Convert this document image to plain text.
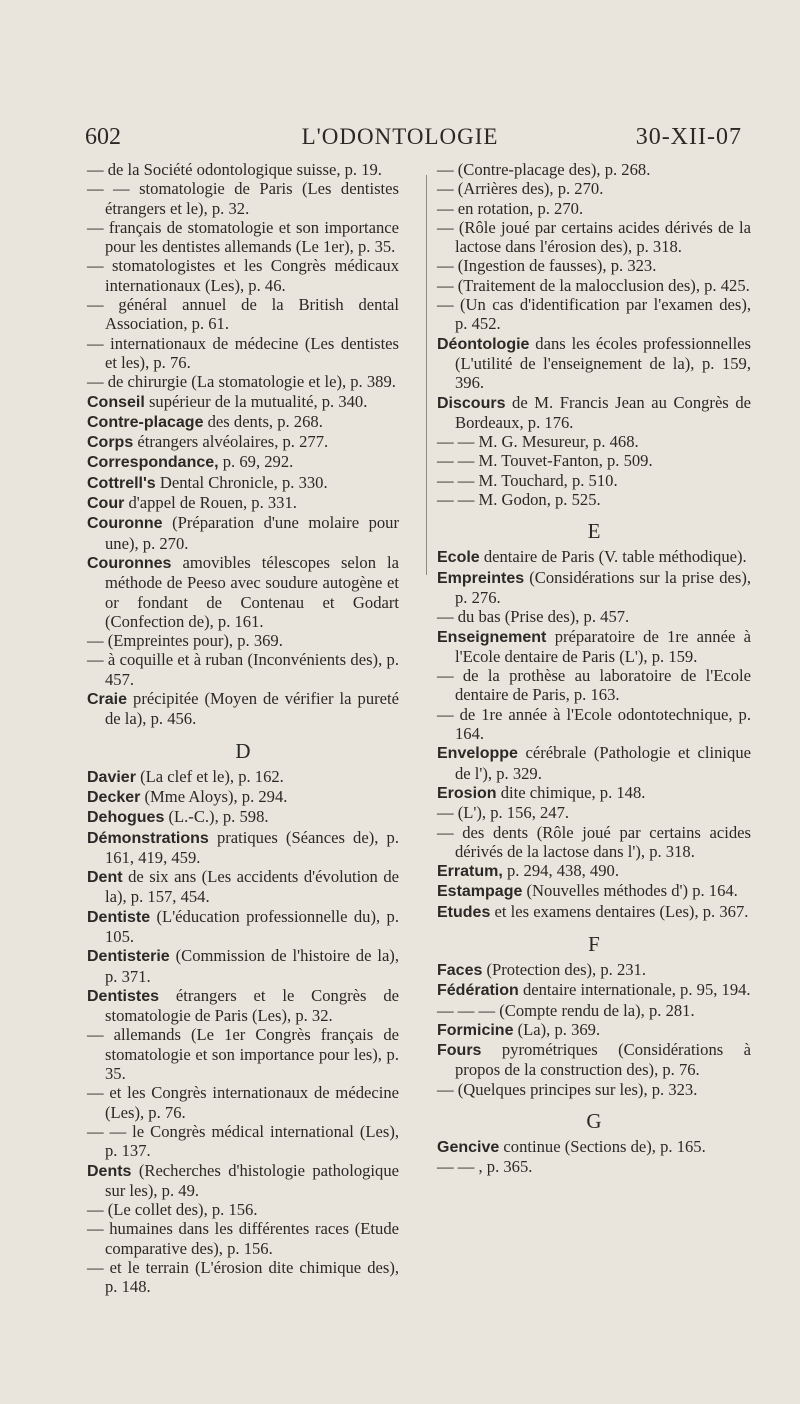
602	L'ODONTOLOGIE	30-XII-07
— de la Société odontologique suisse, p. 19.
— — stomatologie de Paris (Les dentistes étrangers et le), p. 32.
— français de stomatologie et son importance pour les dentistes allemands (Le 1er), p. 35.
— stomatologistes et les Congrès médicaux internationaux (Les), p. 46.
— général annuel de la British dental Association, p. 61.
— internationaux de médecine (Les dentistes et les), p. 76.
— de chirurgie (La stomatologie et le), p. 389.
Conseil supérieur de la mutualité, p. 340.
Contre-placage des dents, p. 268.
Corps étrangers alvéolaires, p. 277.
Correspondance, p. 69, 292.
Cottrell's Dental Chronicle, p. 330.
Cour d'appel de Rouen, p. 331.
Couronne (Préparation d'une molaire pour une), p. 270.
Couronnes amovibles télescopes selon la méthode de Peeso avec soudure autogène et or fondant de Contenau et Godart (Confection de), p. 161.
— (Empreintes pour), p. 369.
— à coquille et à ruban (Inconvénients des), p. 457.
Craie précipitée (Moyen de vérifier la pureté de la), p. 456.
D
Davier (La clef et le), p. 162.
Decker (Mme Aloys), p. 294.
Dehogues (L.-C.), p. 598.
Démonstrations pratiques (Séances de), p. 161, 419, 459.
Dent de six ans (Les accidents d'évolution de la), p. 157, 454.
Dentiste (L'éducation professionnelle du), p. 105.
Dentisterie (Commission de l'histoire de la), p. 371.
Dentistes étrangers et le Congrès de stomatologie de Paris (Les), p. 32.
— allemands (Le 1er Congrès français de stomatologie et son importance pour les), p. 35.
— et les Congrès internationaux de médecine (Les), p. 76.
— — le Congrès médical international (Les), p. 137.
Dents (Recherches d'histologie pathologique sur les), p. 49.
— (Le collet des), p. 156.
— humaines dans les différentes races (Etude comparative des), p. 156.
— et le terrain (L'érosion dite chimique des), p. 148.
— (Contre-placage des), p. 268.
— (Arrières des), p. 270.
— en rotation, p. 270.
— (Rôle joué par certains acides dérivés de la lactose dans l'érosion des), p. 318.
— (Ingestion de fausses), p. 323.
— (Traitement de la malocclusion des), p. 425.
— (Un cas d'identification par l'examen des), p. 452.
Déontologie dans les écoles professionnelles (L'utilité de l'enseignement de la), p. 159, 396.
Discours de M. Francis Jean au Congrès de Bordeaux, p. 176.
— — M. G. Mesureur, p. 468.
— — M. Touvet-Fanton, p. 509.
— — M. Touchard, p. 510.
— — M. Godon, p. 525.
E
Ecole dentaire de Paris (V. table méthodique).
Empreintes (Considérations sur la prise des), p. 276.
— du bas (Prise des), p. 457.
Enseignement préparatoire de 1re année à l'Ecole dentaire de Paris (L'), p. 159.
— de la prothèse au laboratoire de l'Ecole dentaire de Paris, p. 163.
— de 1re année à l'Ecole odontotechnique, p. 164.
Enveloppe cérébrale (Pathologie et clinique de l'), p. 329.
Erosion dite chimique, p. 148.
— (L'), p. 156, 247.
— des dents (Rôle joué par certains acides dérivés de la lactose dans l'), p. 318.
Erratum, p. 294, 438, 490.
Estampage (Nouvelles méthodes d') p. 164.
Etudes et les examens dentaires (Les), p. 367.
F
Faces (Protection des), p. 231.
Fédération dentaire internationale, p. 95, 194.
— — — (Compte rendu de la), p. 281.
Formicine (La), p. 369.
Fours pyrométriques (Considérations à propos de la construction des), p. 76.
— (Quelques principes sur les), p. 323.
G
Gencive continue (Sections de), p. 165.
— — , p. 365.
